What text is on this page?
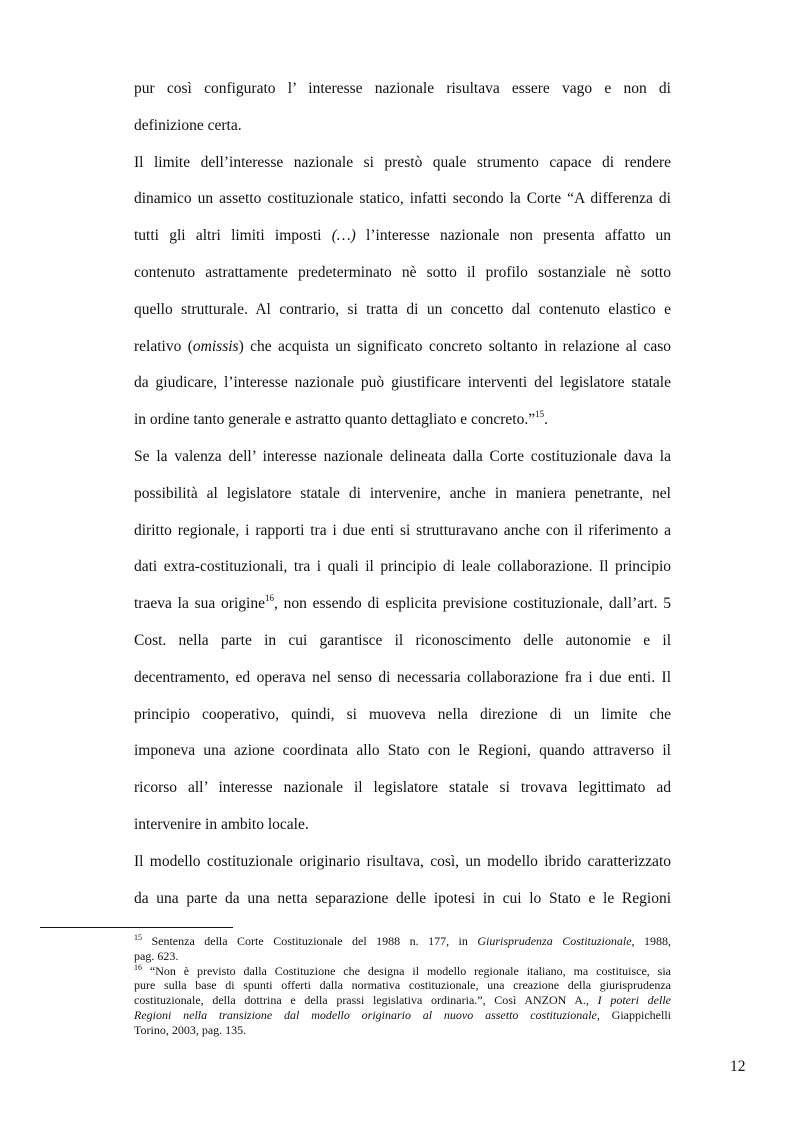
pur così configurato l’ interesse nazionale risultava essere vago e non di
definizione certa.
Il limite dell’interesse nazionale si prestò quale strumento capace di rendere
dinamico un assetto costituzionale statico, infatti secondo la Corte “A differenza di
tutti gli altri limiti imposti (…) l’interesse nazionale non presenta affatto un
contenuto astrattamente predeterminato nè sotto il profilo sostanziale nè sotto
quello strutturale. Al contrario, si tratta di un concetto dal contenuto elastico e
relativo (omissis) che acquista un significato concreto soltanto in relazione al caso
da giudicare, l’interesse nazionale può giustificare interventi del legislatore statale
in ordine tanto generale e astratto quanto dettagliato e concreto.”$^{15}$.
Se la valenza dell’ interesse nazionale delineata dalla Corte costituzionale dava la
possibilità al legislatore statale di intervenire, anche in maniera penetrante, nel
diritto regionale, i rapporti tra i due enti si strutturavano anche con il riferimento a
dati extra-costituzionali, tra i quali il principio di leale collaborazione. Il principio
traeva la sua origine$^{16}$, non essendo di esplicita previsione costituzionale, dall’art. 5
Cost. nella parte in cui garantisce il riconoscimento delle autonomie e il
decentramento, ed operava nel senso di necessaria collaborazione fra i due enti. Il
principio cooperativo, quindi, si muoveva nella direzione di un limite che
imponeva una azione coordinata allo Stato con le Regioni, quando attraverso il
ricorso all’ interesse nazionale il legislatore statale si trovava legittimato ad
intervenire in ambito locale.
Il modello costituzionale originario risultava, così, un modello ibrido caratterizzato
da una parte da una netta separazione delle ipotesi in cui lo Stato e le Regioni
$^{15}$ Sentenza della Corte Costituzionale del 1988 n. 177, in Giurisprudenza Costituzionale, 1988,
pag. 623.
$^{16}$ “Non è previsto dalla Costituzione che designa il modello regionale italiano, ma costituisce, sia
pure sulla base di spunti offerti dalla normativa costituzionale, una creazione della giurisprudenza
costituzionale, della dottrina e della prassi legislativa ordinaria.”, Così ANZON A., I poteri delle
Regioni nella transizione dal modello originario al nuovo assetto costituzionale, Giappichelli
Torino, 2003, pag. 135.
12
